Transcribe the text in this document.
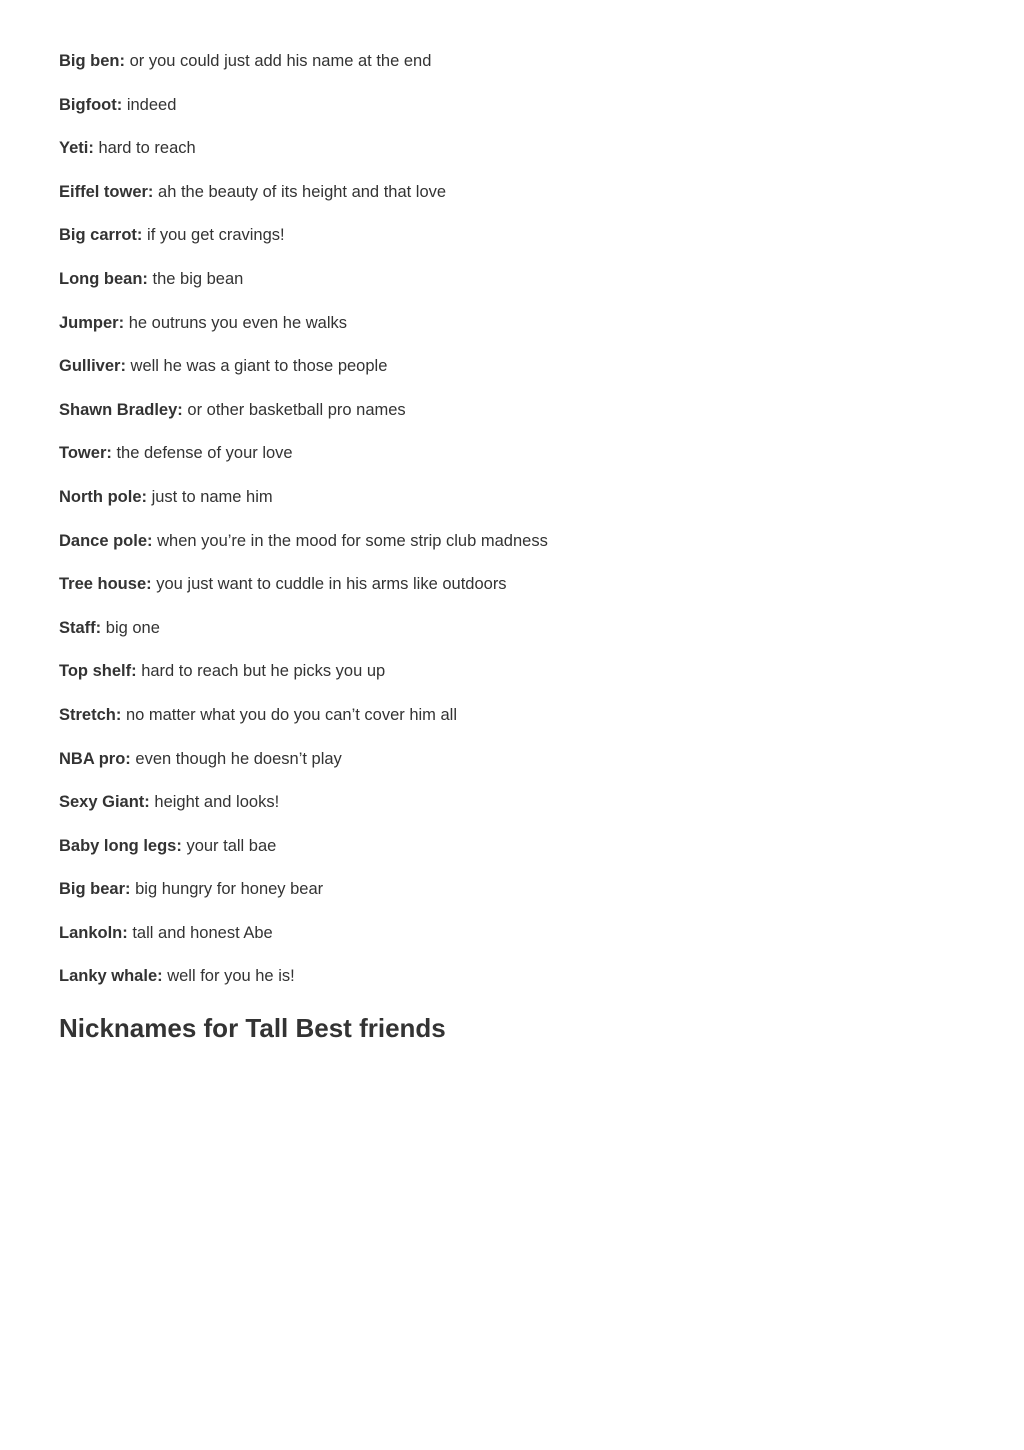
Big ben: or you could just add his name at the end
Bigfoot: indeed
Yeti: hard to reach
Eiffel tower: ah the beauty of its height and that love
Big carrot: if you get cravings!
Long bean: the big bean
Jumper: he outruns you even he walks
Gulliver: well he was a giant to those people
Shawn Bradley: or other basketball pro names
Tower: the defense of your love
North pole: just to name him
Dance pole: when you’re in the mood for some strip club madness
Tree house: you just want to cuddle in his arms like outdoors
Staff: big one
Top shelf: hard to reach but he picks you up
Stretch: no matter what you do you can’t cover him all
NBA pro: even though he doesn’t play
Sexy Giant: height and looks!
Baby long legs: your tall bae
Big bear: big hungry for honey bear
Lankoln: tall and honest Abe
Lanky whale: well for you he is!
Nicknames for Tall Best friends
